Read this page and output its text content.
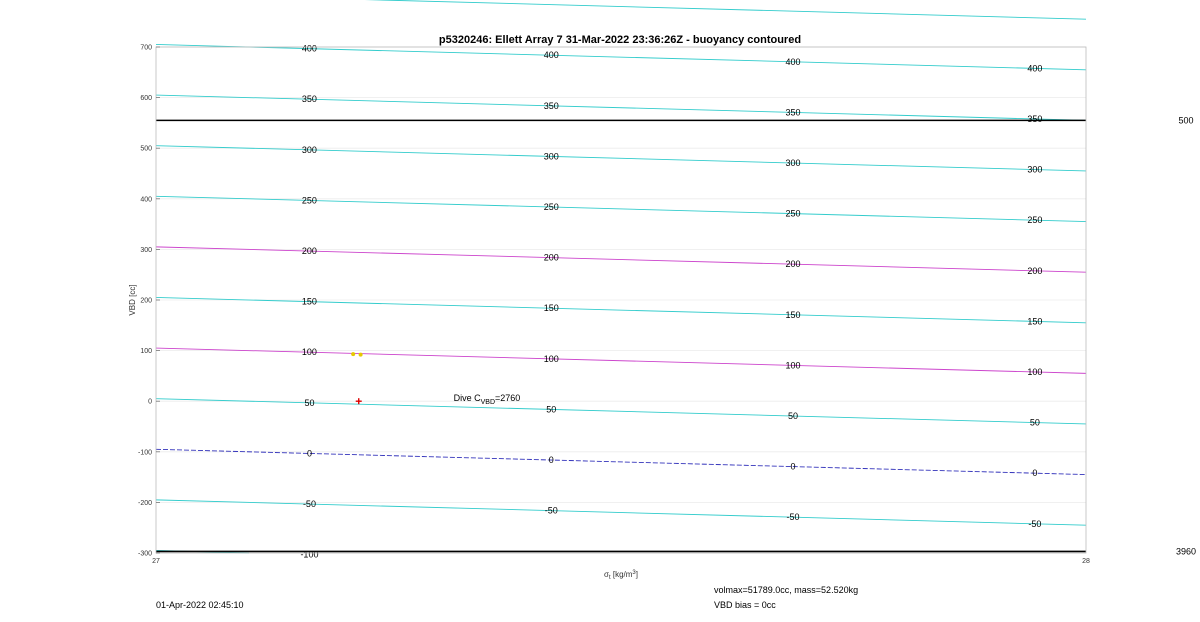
p5320246: Ellett Array 7 31-Mar-2022 23:36:26Z - buoyancy contoured
500
3960
-100
-50
-50
-50
-50
0
0
0
0
50
50
50
50
100
100
100
100
150
150
150
150
200
200
200
200
250
250
250
250
300
300
300
300
350
350
350
350
400
400
400
400
-300
-200
-100
0
100
200
300
400
500
600
700
27	28
VBD [cc]
$\sigma_t$ $[kg/m^3]$
Dive $C_{VBD}=2760$
01-Apr-2022 02:45:10
volmax=51789.0cc, mass=52.520kg
VBD bias = 0cc
